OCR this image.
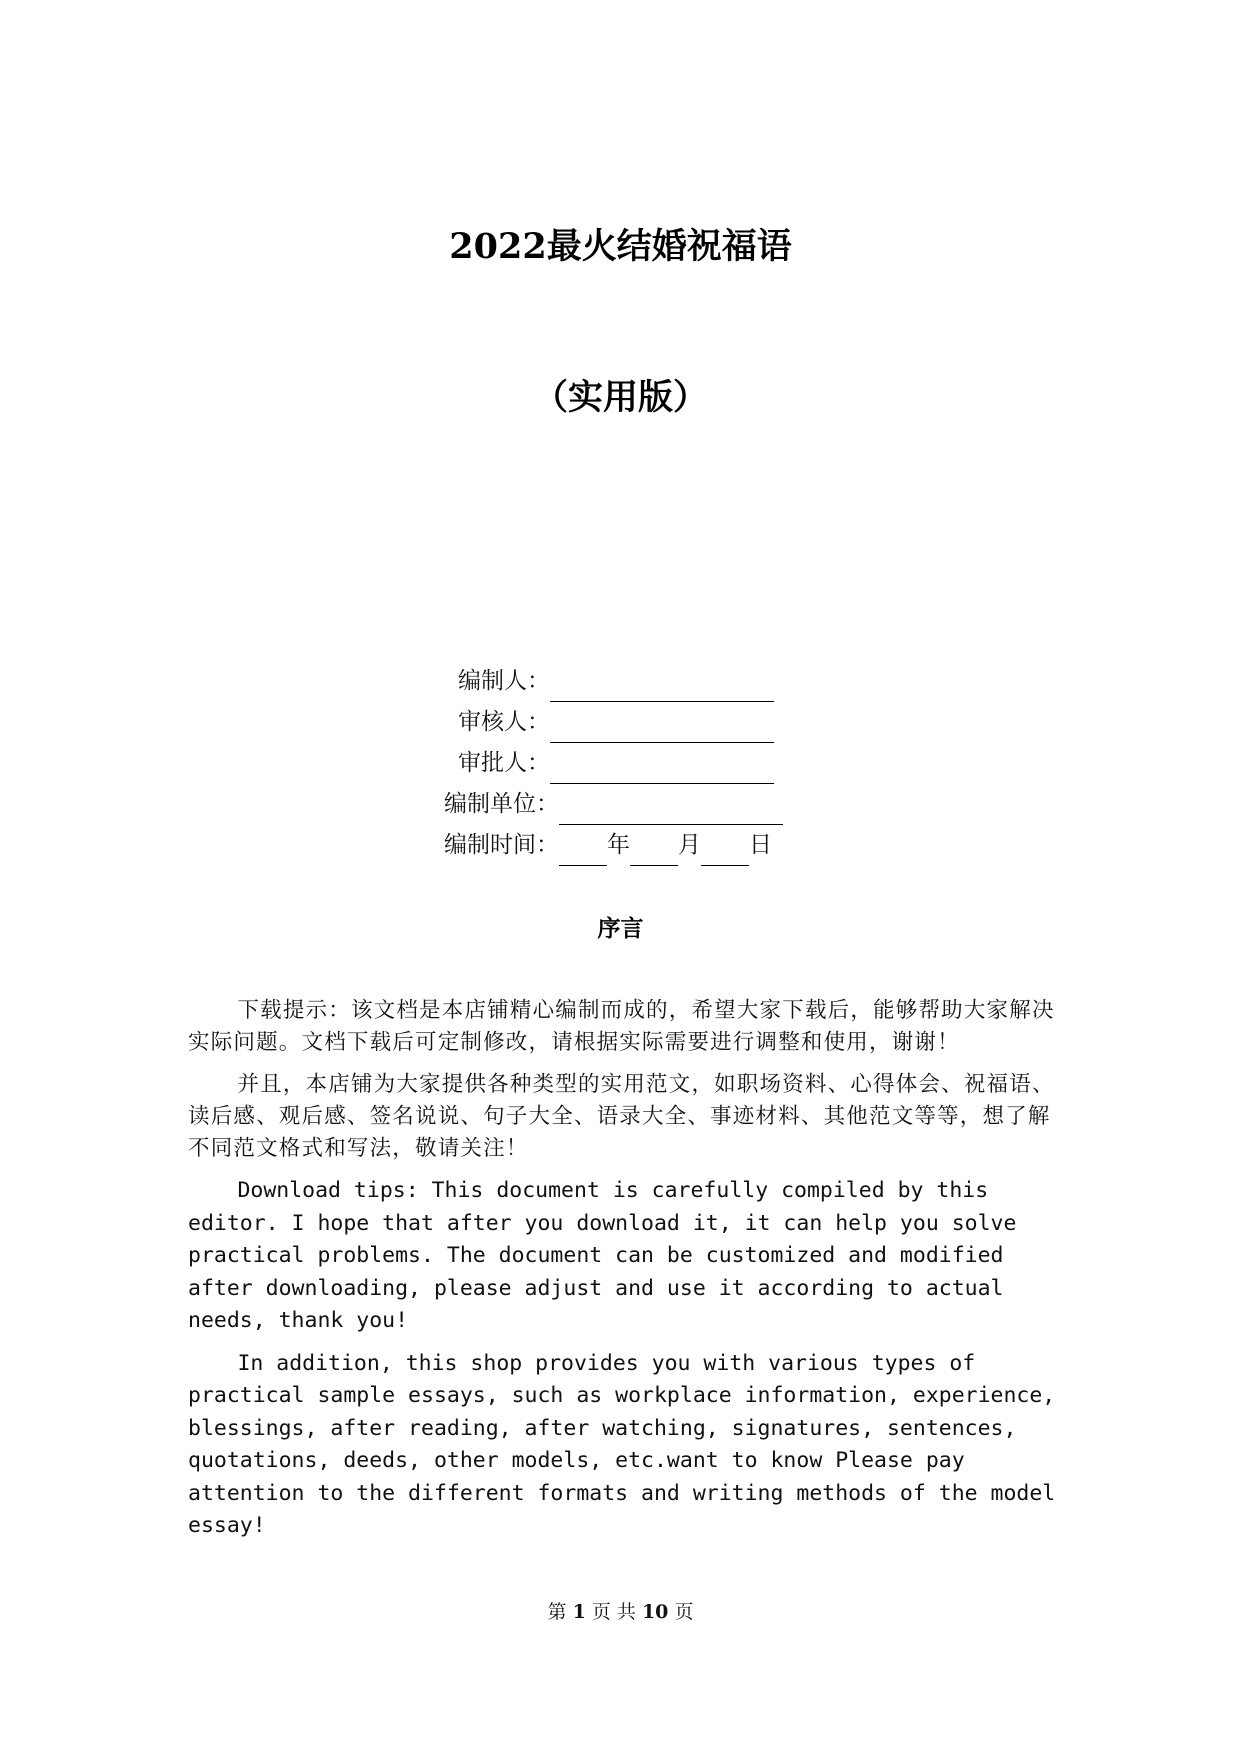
2022最火结婚祝福语
（实用版）
编制人：
审核人：
审批人：
编制单位：
编制时间： 年 月 日
序言

下载提示：该文档是本店铺精心编制而成的，希望大家下载后，能够帮助大家解决实际问题。文档下载后可定制修改，请根据实际需要进行调整和使用，谢谢！

并且，本店铺为大家提供各种类型的实用范文，如职场资料、心得体会、祝福语、读后感、观后感、签名说说、句子大全、语录大全、事迹材料、其他范文等等，想了解不同范文格式和写法，敬请关注！

Download tips: This document is carefully compiled by this editor. I hope that after you download it, it can help you solve practical problems. The document can be customized and modified after downloading, please adjust and use it according to actual needs, thank you!

In addition, this shop provides you with various types of practical sample essays, such as workplace information, experience, blessings, after reading, after watching, signatures, sentences, quotations, deeds, other models, etc.want to know Please pay attention to the different formats and writing methods of the model essay!

第 1 页 共 10 页
